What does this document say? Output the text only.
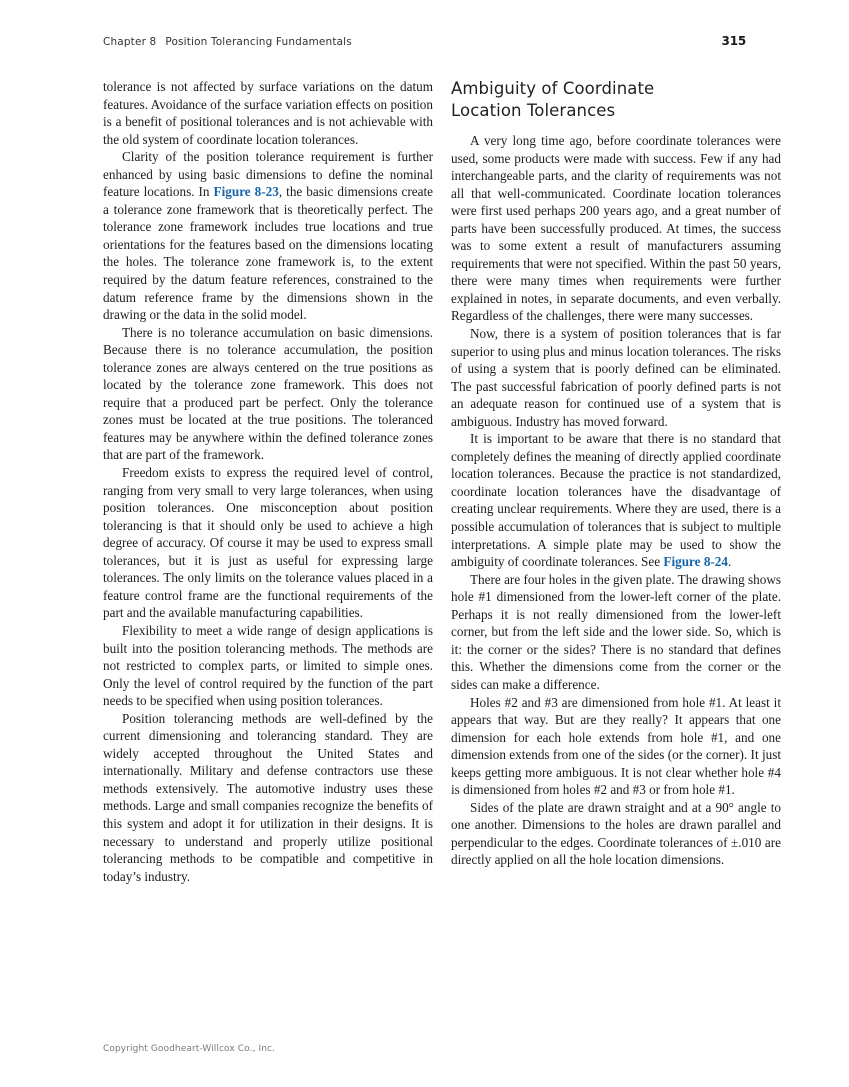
Chapter 8 Position Tolerancing Fundamentals	315

tolerance is not affected by surface variations on the datum features. Avoidance of the surface variation effects on position is a benefit of positional tolerances and is not achievable with the old system of coordinate location tolerances.

Clarity of the position tolerance requirement is further enhanced by using basic dimensions to define the nominal feature locations. In Figure 8-23, the basic dimensions create a tolerance zone framework that is theoretically perfect. The tolerance zone framework includes true locations and true orientations for the features based on the dimensions locating the holes. The tolerance zone framework is, to the extent required by the datum feature references, constrained to the datum reference frame by the dimensions shown in the drawing or the data in the solid model.

There is no tolerance accumulation on basic dimensions. Because there is no tolerance accumulation, the position tolerance zones are always centered on the true positions as located by the tolerance zone framework. This does not require that a produced part be perfect. Only the tolerance zones must be located at the true positions. The toleranced features may be anywhere within the defined tolerance zones that are part of the framework.

Freedom exists to express the required level of control, ranging from very small to very large tolerances, when using position tolerances. One misconception about position tolerancing is that it should only be used to achieve a high degree of accuracy. Of course it may be used to express small tolerances, but it is just as useful for expressing large tolerances. The only limits on the tolerance values placed in a feature control frame are the functional requirements of the part and the available manufacturing capabilities.

Flexibility to meet a wide range of design applications is built into the position tolerancing methods. The methods are not restricted to complex parts, or limited to simple ones. Only the level of control required by the function of the part needs to be specified when using position tolerances.

Position tolerancing methods are well-defined by the current dimensioning and tolerancing standard. They are widely accepted throughout the United States and internationally. Military and defense contractors use these methods extensively. The automotive industry uses these methods. Large and small companies recognize the benefits of this system and adopt it for utilization in their designs. It is necessary to understand and properly utilize positional tolerancing methods to be compatible and competitive in today’s industry.

Ambiguity of Coordinate
Location Tolerances

A very long time ago, before coordinate tolerances were used, some products were made with success. Few if any had interchangeable parts, and the clarity of requirements was not all that well-communicated. Coordinate location tolerances were first used perhaps 200 years ago, and a great number of parts have been successfully produced. At times, the success was to some extent a result of manufacturers assuming requirements that were not specified. Within the past 50 years, there were many times when requirements were further explained in notes, in separate documents, and even verbally. Regardless of the challenges, there were many successes.

Now, there is a system of position tolerances that is far superior to using plus and minus location tolerances. The risks of using a system that is poorly defined can be eliminated. The past successful fabrication of poorly defined parts is not an adequate reason for continued use of a system that is ambiguous. Industry has moved forward.

It is important to be aware that there is no standard that completely defines the meaning of directly applied coordinate location tolerances. Because the practice is not standardized, coordinate location tolerances have the disadvantage of creating unclear requirements. Where they are used, there is a possible accumulation of tolerances that is subject to multiple interpretations. A simple plate may be used to show the ambiguity of coordinate tolerances. See Figure 8-24.

There are four holes in the given plate. The drawing shows hole #1 dimensioned from the lower-left corner of the plate. Perhaps it is not really dimensioned from the lower-left corner, but from the left side and the lower side. So, which is it: the corner or the sides? There is no standard that defines this. Whether the dimensions come from the corner or the sides can make a difference.

Holes #2 and #3 are dimensioned from hole #1. At least it appears that way. But are they really? It appears that one dimension for each hole extends from hole #1, and one dimension extends from one of the sides (or the corner). It just keeps getting more ambiguous. It is not clear whether hole #4 is dimensioned from holes #2 and #3 or from hole #1.

Sides of the plate are drawn straight and at a 90° angle to one another. Dimensions to the holes are drawn parallel and perpendicular to the edges. Coordinate tolerances of ±.010 are directly applied on all the hole location dimensions.

Copyright Goodheart-Willcox Co., Inc.
